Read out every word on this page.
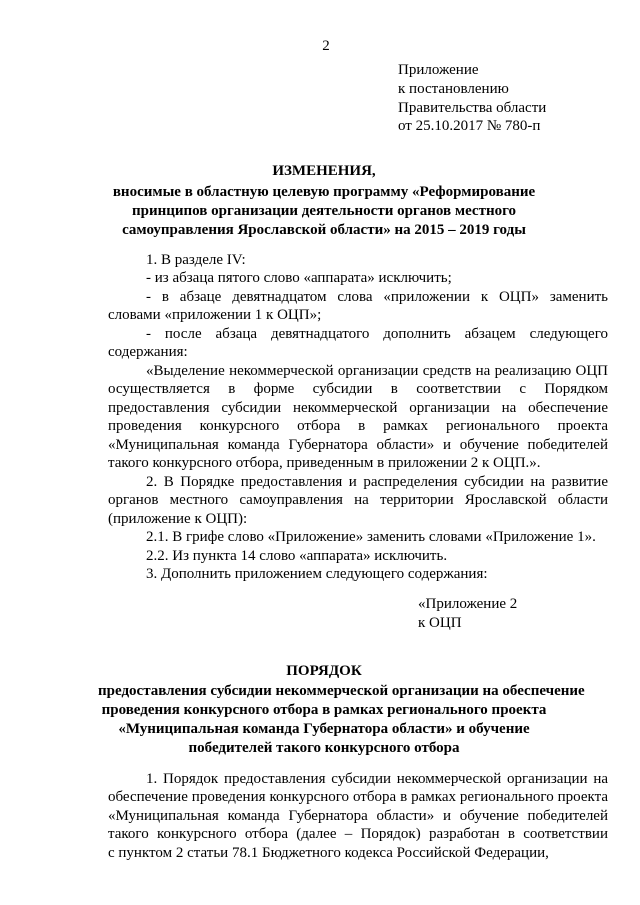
2
Приложение
к постановлению
Правительства области
от 25.10.2017 № 780-п
ИЗМЕНЕНИЯ,
вносимые в областную целевую программу «Реформирование
принципов организации деятельности органов местного
самоуправления Ярославской области» на 2015 – 2019 годы
1. В разделе IV:
- из абзаца пятого слово «аппарата» исключить;
- в абзаце девятнадцатом слова «приложении к ОЦП» заменить
словами «приложении 1 к ОЦП»;
- после абзаца девятнадцатого дополнить абзацем следующего
содержания:
«Выделение некоммерческой организации средств на реализацию ОЦП
осуществляется в форме субсидии в соответствии с Порядком
предоставления субсидии некоммерческой организации на обеспечение
проведения конкурсного отбора в рамках регионального проекта
«Муниципальная команда Губернатора области» и обучение победителей
такого конкурсного отбора, приведенным в приложении 2 к ОЦП.».
2. В Порядке предоставления и распределения субсидии на развитие
органов местного самоуправления на территории Ярославской области
(приложение к ОЦП):
2.1. В грифе слово «Приложение» заменить словами «Приложение 1».
2.2. Из пункта 14 слово «аппарата» исключить.
3. Дополнить приложением следующего содержания:
«Приложение 2
к ОЦП
ПОРЯДОК
предоставления субсидии некоммерческой организации на обеспечение
проведения конкурсного отбора в рамках регионального проекта
«Муниципальная команда Губернатора области» и обучение
победителей такого конкурсного отбора
1. Порядок предоставления субсидии некоммерческой организации на
обеспечение проведения конкурсного отбора в рамках регионального проекта
«Муниципальная команда Губернатора области» и обучение победителей
такого конкурсного отбора (далее – Порядок) разработан в соответствии
с пунктом 2 статьи 78.1 Бюджетного кодекса Российской Федерации,
